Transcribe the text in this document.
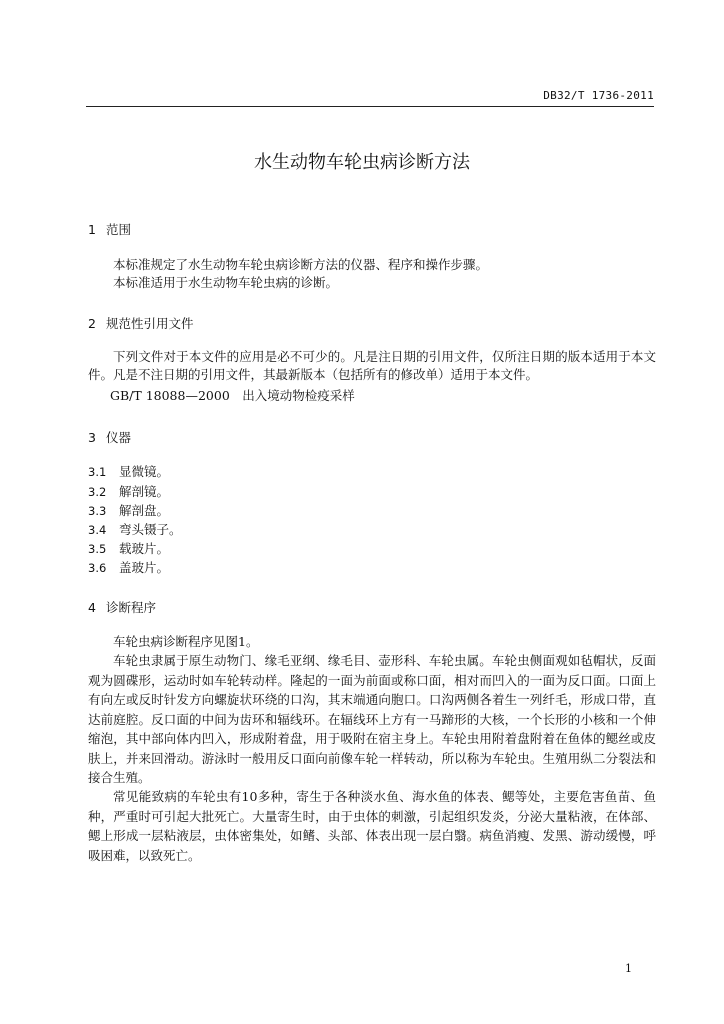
DB32/T 1736-2011
水生动物车轮虫病诊断方法
1 范围
本标准规定了水生动物车轮虫病诊断方法的仪器、程序和操作步骤。
本标准适用于水生动物车轮虫病的诊断。
2 规范性引用文件
下列文件对于本文件的应用是必不可少的。凡是注日期的引用文件，仅所注日期的版本适用于本文件。凡是不注日期的引用文件，其最新版本（包括所有的修改单）适用于本文件。
GB/T 18088—2000　出入境动物检疫采样
3 仪器
3.1 显微镜。
3.2 解剖镜。
3.3 解剖盘。
3.4 弯头镊子。
3.5 载玻片。
3.6 盖玻片。
4 诊断程序
车轮虫病诊断程序见图1。
车轮虫隶属于原生动物门、缘毛亚纲、缘毛目、壶形科、车轮虫属。车轮虫侧面观如毡帽状，反面观为圆碟形，运动时如车轮转动样。隆起的一面为前面或称口面，相对而凹入的一面为反口面。口面上有向左或反时针发方向螺旋状环绕的口沟，其末端通向胞口。口沟两侧各着生一列纤毛，形成口带，直达前庭腔。反口面的中间为齿环和辐线环。在辐线环上方有一马蹄形的大核，一个长形的小核和一个伸缩泡，其中部向体内凹入，形成附着盘，用于吸附在宿主身上。车轮虫用附着盘附着在鱼体的鳃丝或皮肤上，并来回滑动。游泳时一般用反口面向前像车轮一样转动，所以称为车轮虫。生殖用纵二分裂法和接合生殖。
常见能致病的车轮虫有10多种，寄生于各种淡水鱼、海水鱼的体表、鳃等处，主要危害鱼苗、鱼种，严重时可引起大批死亡。大量寄生时，由于虫体的刺激，引起组织发炎，分泌大量粘液，在体部、鳃上形成一层粘液层，虫体密集处，如鳍、头部、体表出现一层白翳。病鱼消瘦、发黑、游动缓慢，呼吸困难，以致死亡。
1
